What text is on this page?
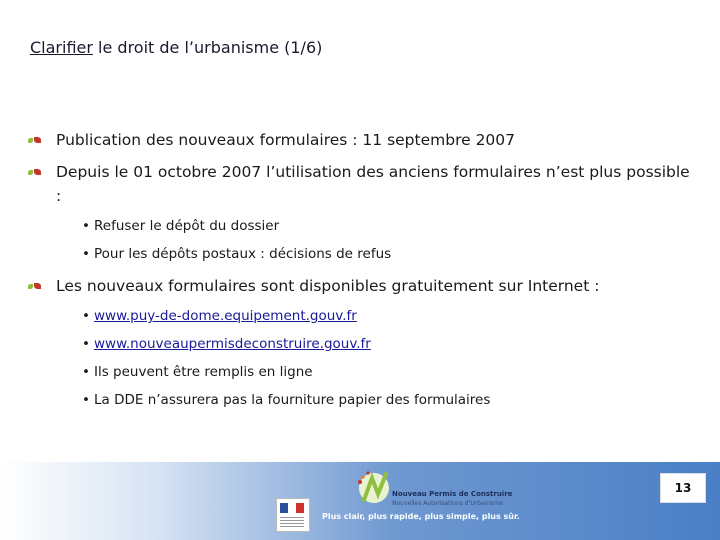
Clarifier le droit de l’urbanisme (1/6)
Publication des nouveaux formulaires : 11 septembre 2007
Depuis le 01 octobre 2007 l’utilisation des anciens formulaires n’est plus possible :
• Refuser le dépôt du dossier
• Pour les dépôts postaux : décisions de refus
Les nouveaux formulaires sont disponibles gratuitement sur Internet :
• www.puy-de-dome.equipement.gouv.fr
• www.nouveaupermisdeconstruire.gouv.fr
• Ils peuvent être remplis en ligne
• La DDE n’assurera pas la fourniture papier des formulaires
Nouveau Permis de Construire
Nouvelles Autorisations d’Urbanisme
Plus clair, plus rapide, plus simple, plus sûr.
13
